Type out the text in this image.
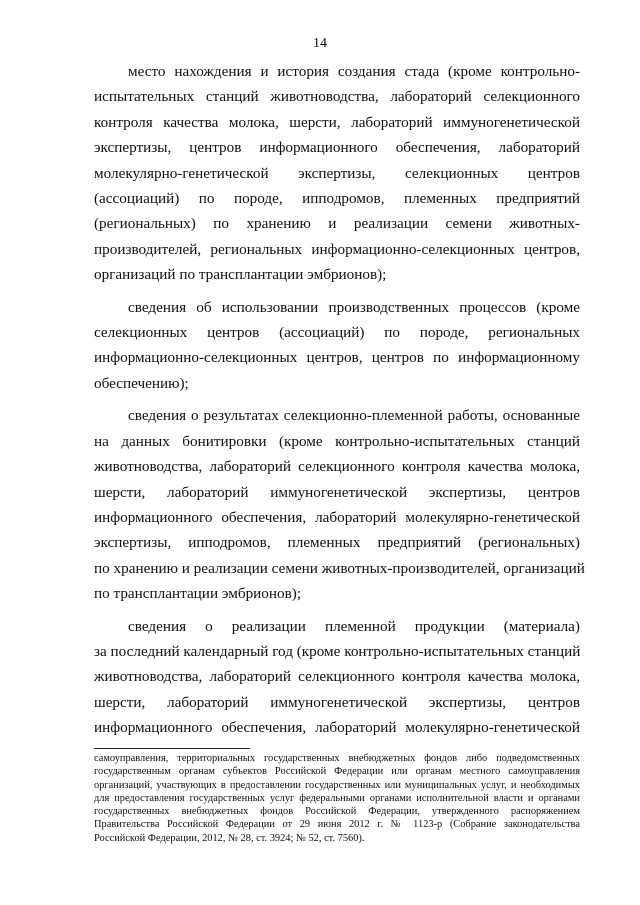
14

место нахождения и история создания стада (кроме контрольно-
испытательных станций животноводства, лабораторий селекционного
контроля качества молока, шерсти, лабораторий иммуногенетической
экспертизы, центров информационного обеспечения, лабораторий
молекулярно-генетической экспертизы, селекционных центров
(ассоциаций) по породе, ипподромов, племенных предприятий
(региональных) по хранению и реализации семени животных-
производителей, региональных информационно-селекционных центров,
организаций по трансплантации эмбрионов);

сведения об использовании производственных процессов (кроме
селекционных центров (ассоциаций) по породе, региональных
информационно-селекционных центров, центров по информационному
обеспечению);

сведения о результатах селекционно-племенной работы, основанные
на данных бонитировки (кроме контрольно-испытательных станций
животноводства, лабораторий селекционного контроля качества молока,
шерсти, лабораторий иммуногенетической экспертизы, центров
информационного обеспечения, лабораторий молекулярно-генетической
экспертизы, ипподромов, племенных предприятий (региональных)
по хранению и реализации семени животных-производителей, организаций
по трансплантации эмбрионов);

сведения о реализации племенной продукции (материала)
за последний календарный год (кроме контрольно-испытательных станций
животноводства, лабораторий селекционного контроля качества молока,
шерсти, лабораторий иммуногенетической экспертизы, центров
информационного обеспечения, лабораторий молекулярно-генетической

самоуправления, территориальных государственных внебюджетных фондов либо подведомственных
государственным органам субъектов Российской Федерации или органам местного самоуправления
организаций, участвующих в предоставлении государственных или муниципальных услуг, и необходимых
для предоставления государственных услуг федеральными органами исполнительной власти и органами
государственных внебюджетных фондов Российской Федерации, утвержденного распоряжением
Правительства Российской Федерации от 29 июня 2012 г. № 1123-р (Собрание законодательства
Российской Федерации, 2012, № 28, ст. 3924; № 52, ст. 7560).
